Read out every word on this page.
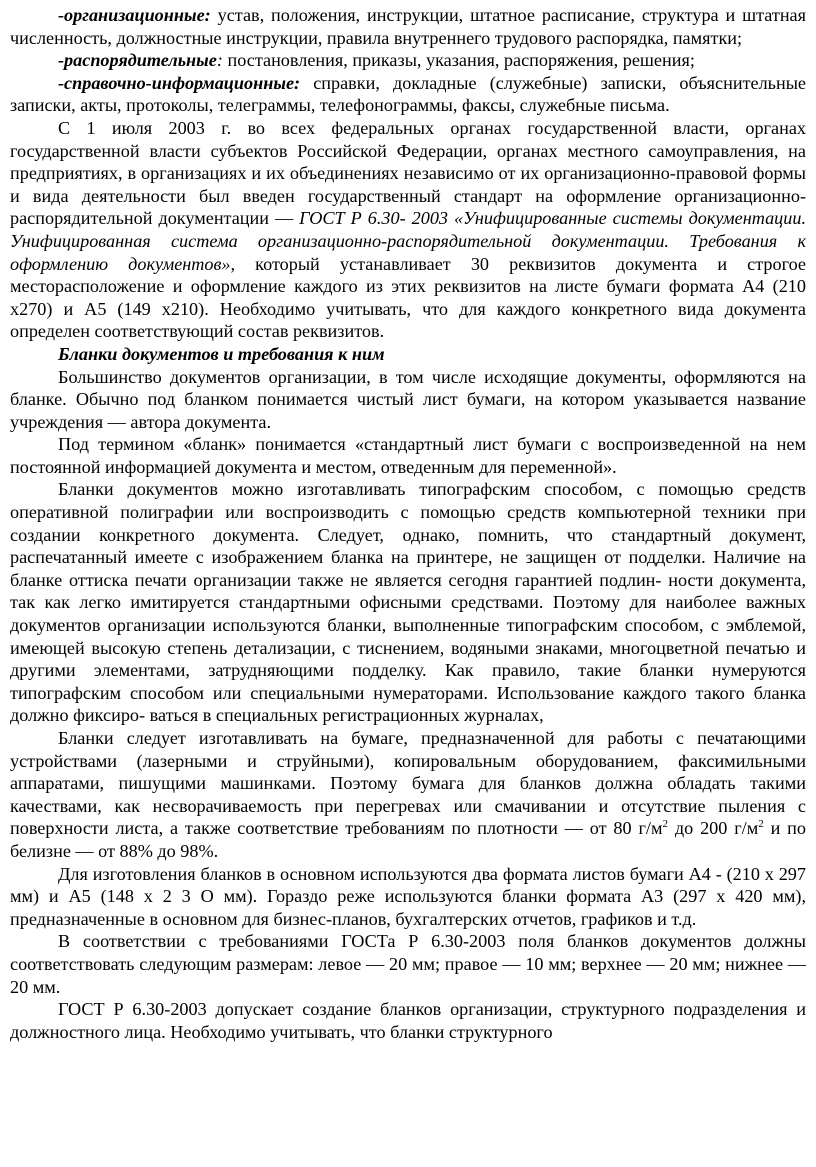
-организационные: устав, положения, инструкции, штатное расписание, структура и штатная численность, должностные инструкции, правила внутреннего трудового распорядка, памятки;

-распорядительные: постановления, приказы, указания, распоряжения, решения;

-справочно-информационные: справки, докладные (служебные) записки, объяснительные записки, акты, протоколы, телеграммы, телефонограммы, факсы, служебные письма.

С 1 июля 2003 г. во всех федеральных органах государственной власти, органах государственной власти субъектов Российской Федерации, органах местного самоуправления, на предприятиях, в организациях и их объединениях независимо от их организационно-правовой формы и вида деятельности был введен государственный стандарт на оформление организационно-распорядительной документации — ГОСТ Р 6.30- 2003 «Унифицированные системы документации. Унифицированная система организационно-распорядительной документации. Требования к оформлению документов», который устанавливает 30 реквизитов документа и строгое месторасположение и оформление каждого из этих реквизитов на листе бумаги формата А4 (210 х270) и А5 (149 х210). Необходимо учитывать, что для каждого конкретного вида документа определен соответствующий состав реквизитов.

Бланки документов и требования к ним

Большинство документов организации, в том числе исходящие документы, оформляются на бланке. Обычно под бланком понимается чистый лист бумаги, на котором указывается название учреждения — автора документа.

Под термином «бланк» понимается «стандартный лист бумаги с воспроизведенной на нем постоянной информацией документа и местом, отведенным для переменной».

Бланки документов можно изготавливать типографским способом, с помощью средств оперативной полиграфии или воспроизводить с помощью средств компьютерной техники при создании конкретного документа. Следует, однако, помнить, что стандартный документ, распечатанный имеете с изображением бланка на принтере, не защищен от подделки. Наличие на бланке оттиска печати организации также не является сегодня гарантией подлин- ности документа, так как легко имитируется стандартными офисными средствами. Поэтому для наиболее важных документов организации используются бланки, выполненные типографским способом, с эмблемой, имеющей высокую степень детализации, с тиснением, водяными знаками, многоцветной печатью и другими элементами, затрудняющими подделку. Как правило, такие бланки нумеруются типографским способом или специальными нумераторами. Использование каждого такого бланка должно фиксиро- ваться в специальных регистрационных журналах,

Бланки следует изготавливать на бумаге, предназначенной для работы с печатающими устройствами (лазерными и струйными), копировальным оборудованием, факсимильными аппаратами, пишущими машинками. Поэтому бумага для бланков должна обладать такими качествами, как несворачиваемость при перегревах или смачивании и отсутствие пыления с поверхности листа, а также соответствие требованиям по плотности — от 80 $г/м^2$ до 200 $г/м^2$ и по белизне — от 88% до 98%.

Для изготовления бланков в основном используются два формата листов бумаги А4 - (210 х 297 мм) и А5 (148 х 2 3 О мм). Гораздо реже используются бланки формата A3 (297 х 420 мм), предназначенные в основном для бизнес-планов, бухгалтерских отчетов, графиков и т.д.

В соответствии с требованиями ГОСТа Р 6.30-2003 поля бланков документов должны соответствовать следующим размерам: левое — 20 мм; правое — 10 мм; верхнее — 20 мм; нижнее — 20 мм.

ГОСТ Р 6.30-2003 допускает создание бланков организации, структурного подразделения и должностного лица. Необходимо учитывать, что бланки структурного
